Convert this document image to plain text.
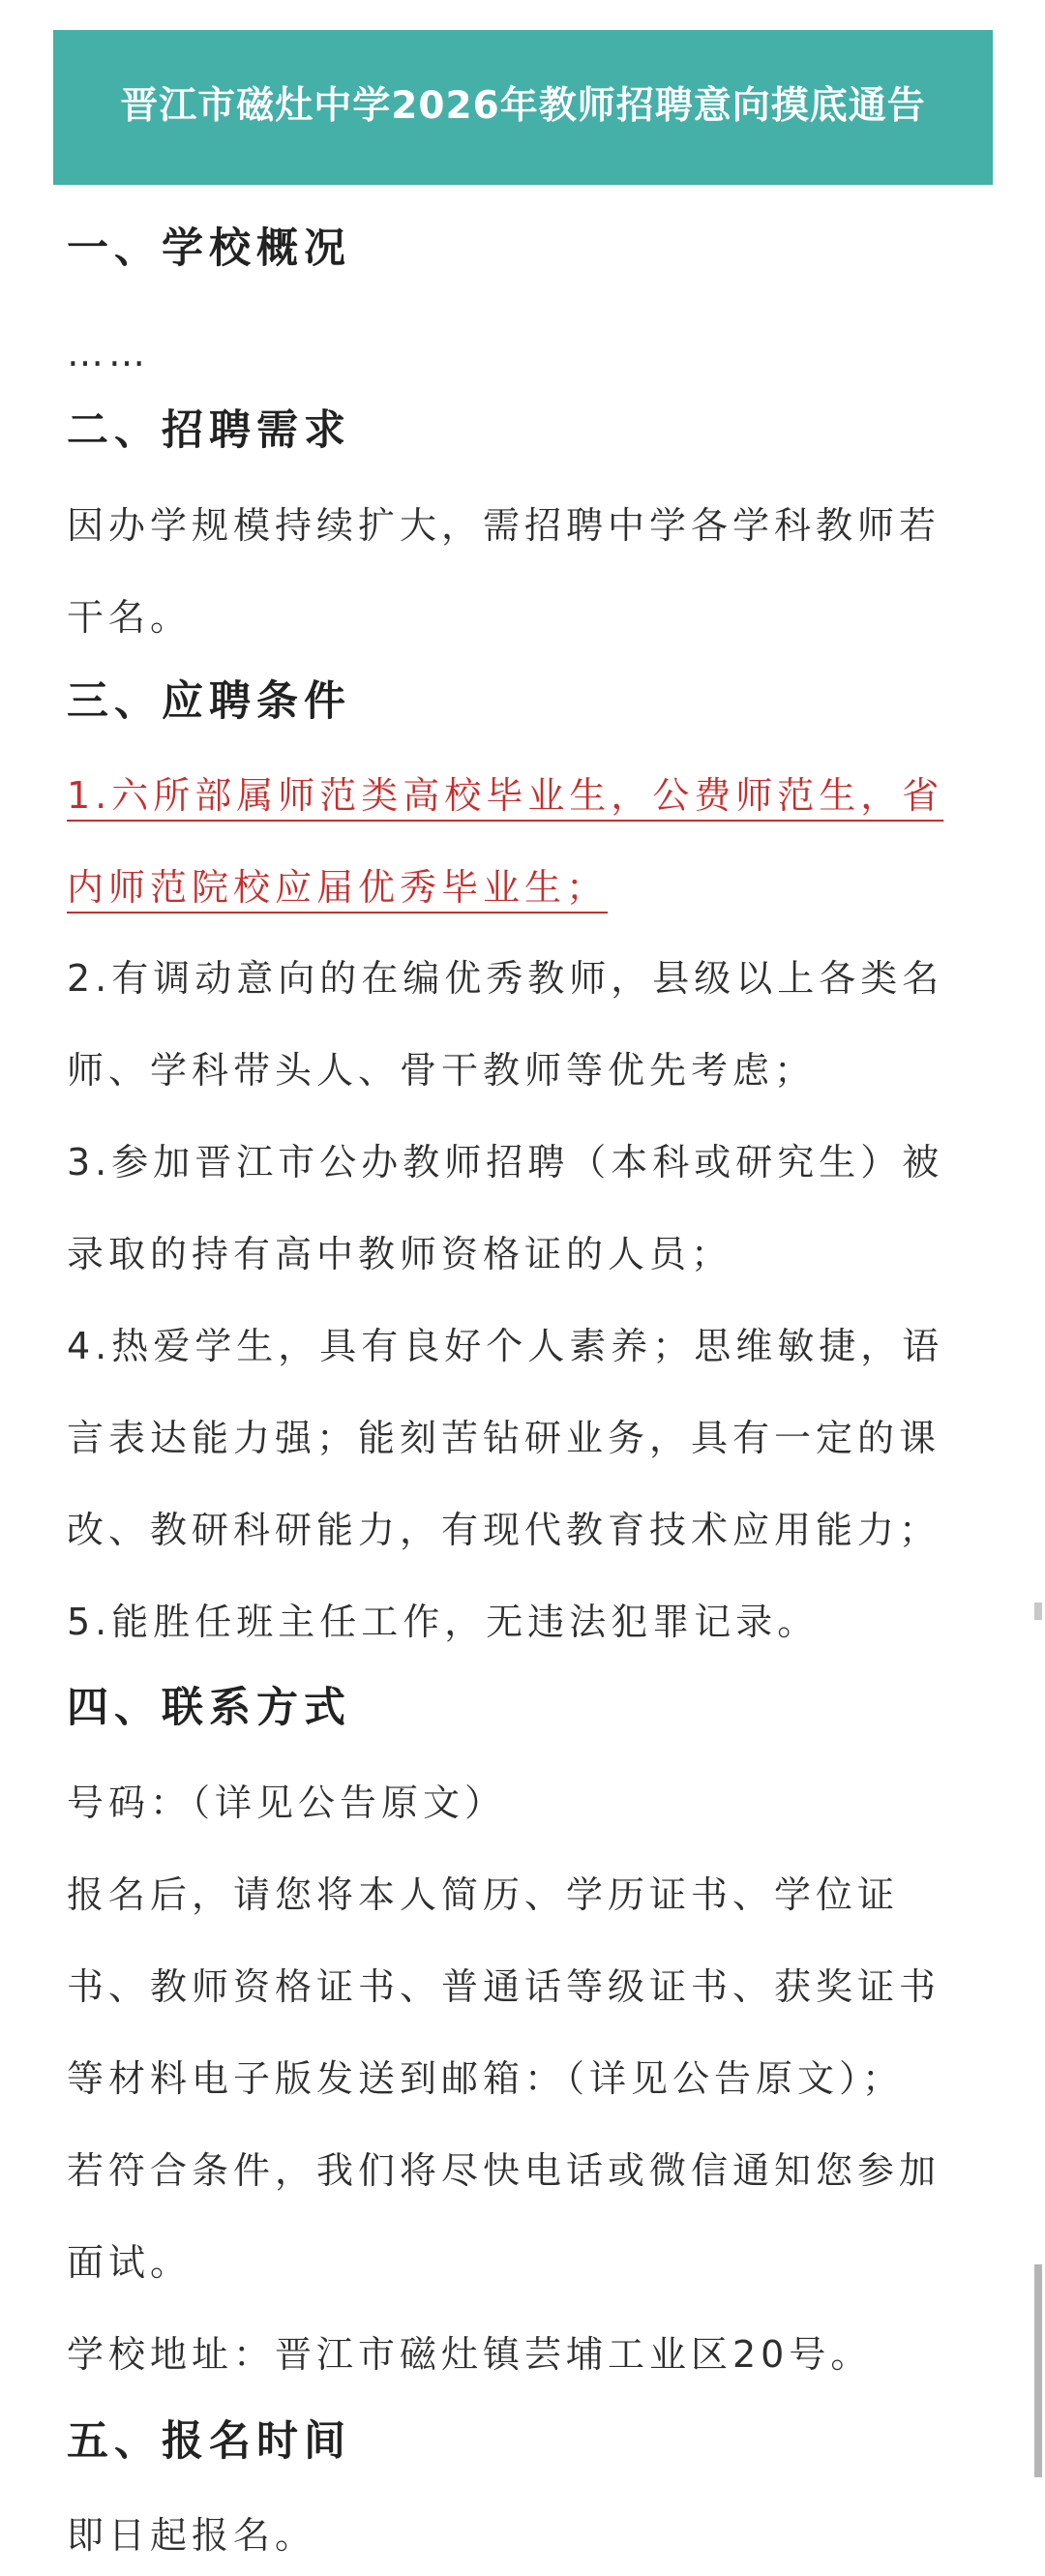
晋江市磁灶中学2026年教师招聘意向摸底通告
一、学校概况
……
二、招聘需求
因办学规模持续扩大，需招聘中学各学科教师若
干名。
三、应聘条件
1.六所部属师范类高校毕业生，公费师范生，省
内师范院校应届优秀毕业生；
2.有调动意向的在编优秀教师，县级以上各类名
师、学科带头人、骨干教师等优先考虑；
3.参加晋江市公办教师招聘（本科或研究生）被
录取的持有高中教师资格证的人员；
4.热爱学生，具有良好个人素养；思维敏捷，语
言表达能力强；能刻苦钻研业务，具有一定的课
改、教研科研能力，有现代教育技术应用能力；
5.能胜任班主任工作，无违法犯罪记录。
四、联系方式
号码：（详见公告原文）
报名后，请您将本人简历、学历证书、学位证
书、教师资格证书、普通话等级证书、获奖证书
等材料电子版发送到邮箱：（详见公告原文）；
若符合条件，我们将尽快电话或微信通知您参加
面试。
学校地址：晋江市磁灶镇芸埔工业区20号。
五、报名时间
即日起报名。
